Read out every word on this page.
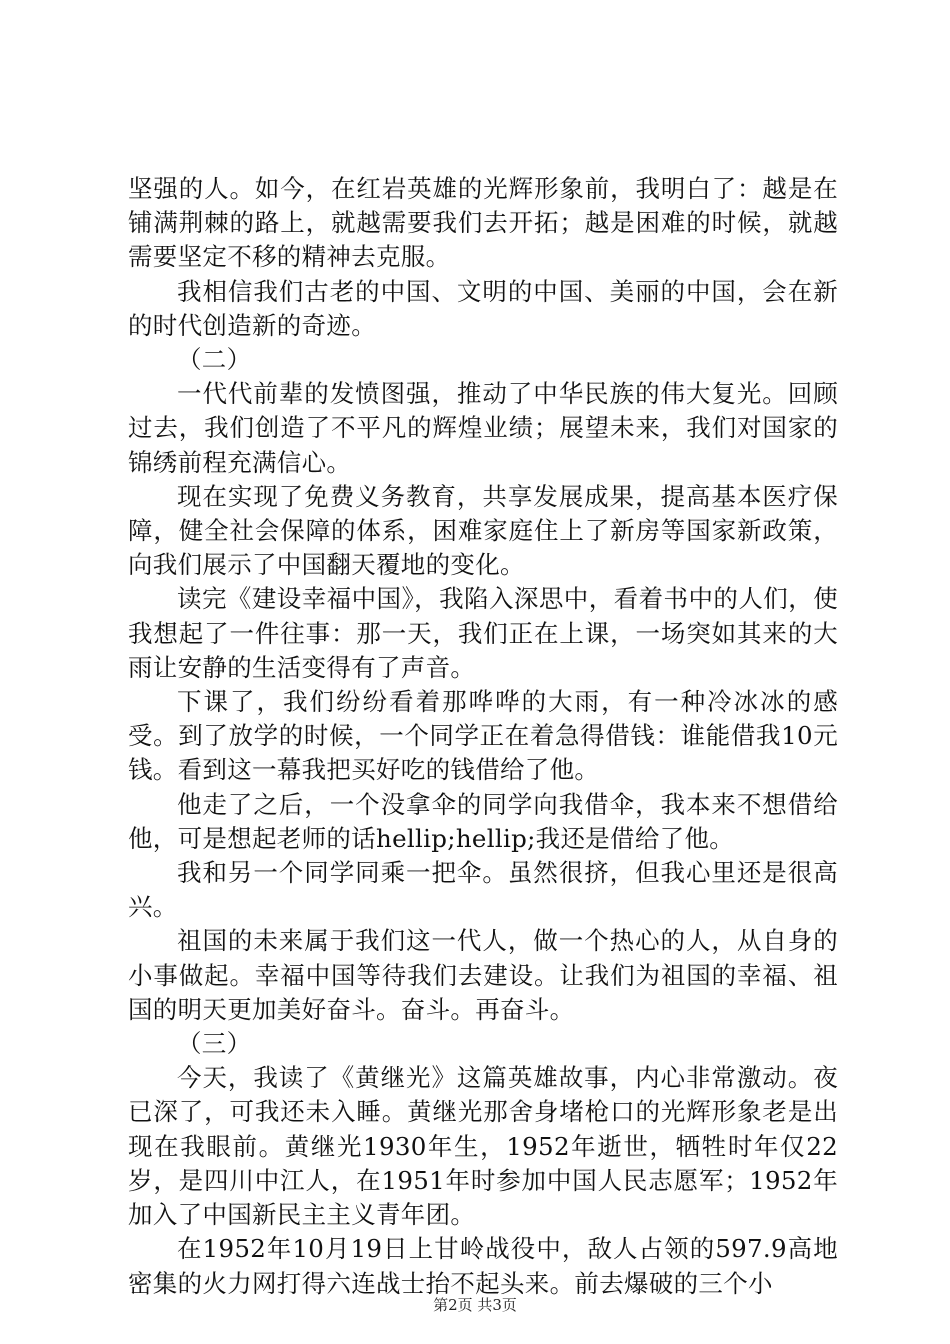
坚强的人。如今，在红岩英雄的光辉形象前，我明白了：越是在铺满荆棘的路上，就越需要我们去开拓；越是困难的时候，就越需要坚定不移的精神去克服。

我相信我们古老的中国、文明的中国、美丽的中国，会在新的时代创造新的奇迹。

（二）

一代代前辈的发愤图强，推动了中华民族的伟大复光。回顾过去，我们创造了不平凡的辉煌业绩；展望未来，我们对国家的锦绣前程充满信心。

现在实现了免费义务教育，共享发展成果，提高基本医疗保障，健全社会保障的体系，困难家庭住上了新房等国家新政策，向我们展示了中国翻天覆地的变化。

读完《建设幸福中国》，我陷入深思中，看着书中的人们，使我想起了一件往事：那一天，我们正在上课，一场突如其来的大雨让安静的生活变得有了声音。

下课了，我们纷纷看着那哗哗的大雨，有一种冷冰冰的感受。到了放学的时候，一个同学正在着急得借钱：谁能借我10元钱。看到这一幕我把买好吃的钱借给了他。

他走了之后，一个没拿伞的同学向我借伞，我本来不想借给他，可是想起老师的话hellip;hellip;我还是借给了他。

我和另一个同学同乘一把伞。虽然很挤，但我心里还是很高兴。

祖国的未来属于我们这一代人，做一个热心的人，从自身的小事做起。幸福中国等待我们去建设。让我们为祖国的幸福、祖国的明天更加美好奋斗。奋斗。再奋斗。

（三）

今天，我读了《黄继光》这篇英雄故事，内心非常激动。夜已深了，可我还未入睡。黄继光那舍身堵枪口的光辉形象老是出现在我眼前。黄继光1930年生，1952年逝世，牺牲时年仅22岁，是四川中江人，在1951年时参加中国人民志愿军；1952年加入了中国新民主主义青年团。

在1952年10月19日上甘岭战役中，敌人占领的597.9高地密集的火力网打得六连战士抬不起头来。前去爆破的三个小

第2页 共3页
